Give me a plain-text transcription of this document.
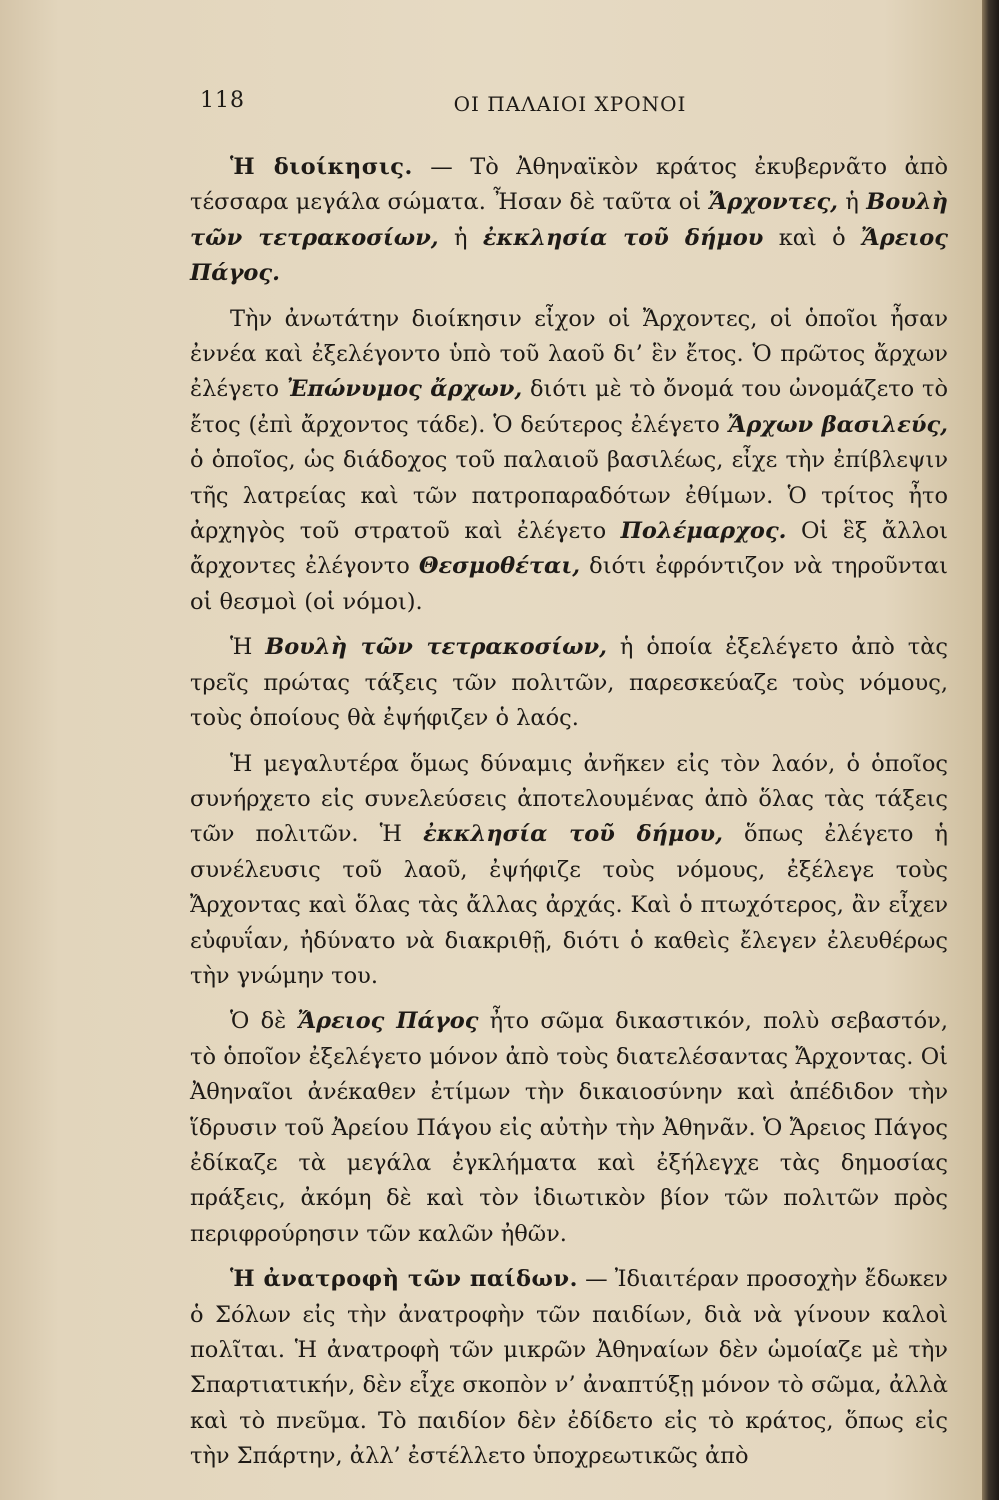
118	ΟΙ ΠΑΛΑΙΟΙ ΧΡΟΝΟΙ

Ἡ διοίκησις. — Τὸ Ἀθηναϊκὸν κράτος ἐκυβερνᾶτο ἀπὸ τέσσαρα μεγάλα σώματα. Ἦσαν δὲ ταῦτα οἱ Ἄρχοντες, ἡ Βουλὴ τῶν τετρακοσίων, ἡ ἐκκλησία τοῦ δήμου καὶ ὁ Ἄρειος Πάγος.

Τὴν ἀνωτάτην διοίκησιν εἶχον οἱ Ἄρχοντες, οἱ ὁποῖοι ἦσαν ἐννέα καὶ ἐξελέγοντο ὑπὸ τοῦ λαοῦ δι’ ἓν ἔτος. Ὁ πρῶτος ἄρχων ἐλέγετο Ἐπώνυμος ἄρχων, διότι μὲ τὸ ὄνομά του ὠνομάζετο τὸ ἔτος (ἐπὶ ἄρχοντος τάδε). Ὁ δεύτερος ἐλέγετο Ἄρχων βασιλεύς, ὁ ὁποῖος, ὡς διάδοχος τοῦ παλαιοῦ βασιλέως, εἶχε τὴν ἐπίβλεψιν τῆς λατρείας καὶ τῶν πατροπαραδότων ἐθίμων. Ὁ τρίτος ἦτο ἀρχηγὸς τοῦ στρατοῦ καὶ ἐλέγετο Πολέμαρχος. Οἱ ἓξ ἄλλοι ἄρχοντες ἐλέγοντο Θεσμοθέται, διότι ἐφρόντιζον νὰ τηροῦνται οἱ θεσμοὶ (οἱ νόμοι).

Ἡ Βουλὴ τῶν τετρακοσίων, ἡ ὁποία ἐξελέγετο ἀπὸ τὰς τρεῖς πρώτας τάξεις τῶν πολιτῶν, παρεσκεύαζε τοὺς νόμους, τοὺς ὁποίους θὰ ἐψήφιζεν ὁ λαός.

Ἡ μεγαλυτέρα ὅμως δύναμις ἀνῆκεν εἰς τὸν λαόν, ὁ ὁποῖος συνήρχετο εἰς συνελεύσεις ἀποτελουμένας ἀπὸ ὅλας τὰς τάξεις τῶν πολιτῶν. Ἡ ἐκκλησία τοῦ δήμου, ὅπως ἐλέγετο ἡ συνέλευσις τοῦ λαοῦ, ἐψήφιζε τοὺς νόμους, ἐξέλεγε τοὺς Ἄρχοντας καὶ ὅλας τὰς ἄλλας ἀρχάς. Καὶ ὁ πτωχότερος, ἂν εἶχεν εὐφυΐαν, ἠδύνατο νὰ διακριθῇ, διότι ὁ καθεὶς ἔλεγεν ἐλευθέρως τὴν γνώμην του.

Ὁ δὲ Ἄρειος Πάγος ἦτο σῶμα δικαστικόν, πολὺ σεβαστόν, τὸ ὁποῖον ἐξελέγετο μόνον ἀπὸ τοὺς διατελέσαντας Ἄρχοντας. Οἱ Ἀθηναῖοι ἀνέκαθεν ἐτίμων τὴν δικαιοσύνην καὶ ἀπέδιδον τὴν ἵδρυσιν τοῦ Ἀρείου Πάγου εἰς αὐτὴν τὴν Ἀθηνᾶν. Ὁ Ἄρειος Πάγος ἐδίκαζε τὰ μεγάλα ἐγκλήματα καὶ ἐξήλεγχε τὰς δημοσίας πράξεις, ἀκόμη δὲ καὶ τὸν ἰδιωτικὸν βίον τῶν πολιτῶν πρὸς περιφρούρησιν τῶν καλῶν ἠθῶν.

Ἡ ἀνατροφὴ τῶν παίδων. — Ἰδιαιτέραν προσοχὴν ἔδωκεν ὁ Σόλων εἰς τὴν ἀνατροφὴν τῶν παιδίων, διὰ νὰ γίνουν καλοὶ πολῖται. Ἡ ἀνατροφὴ τῶν μικρῶν Ἀθηναίων δὲν ὡμοίαζε μὲ τὴν Σπαρτιατικήν, δὲν εἶχε σκοπὸν ν’ ἀναπτύξῃ μόνον τὸ σῶμα, ἀλλὰ καὶ τὸ πνεῦμα. Τὸ παιδίον δὲν ἐδίδετο εἰς τὸ κράτος, ὅπως εἰς τὴν Σπάρτην, ἀλλ’ ἐστέλλετο ὑποχρεωτικῶς ἀπὸ
